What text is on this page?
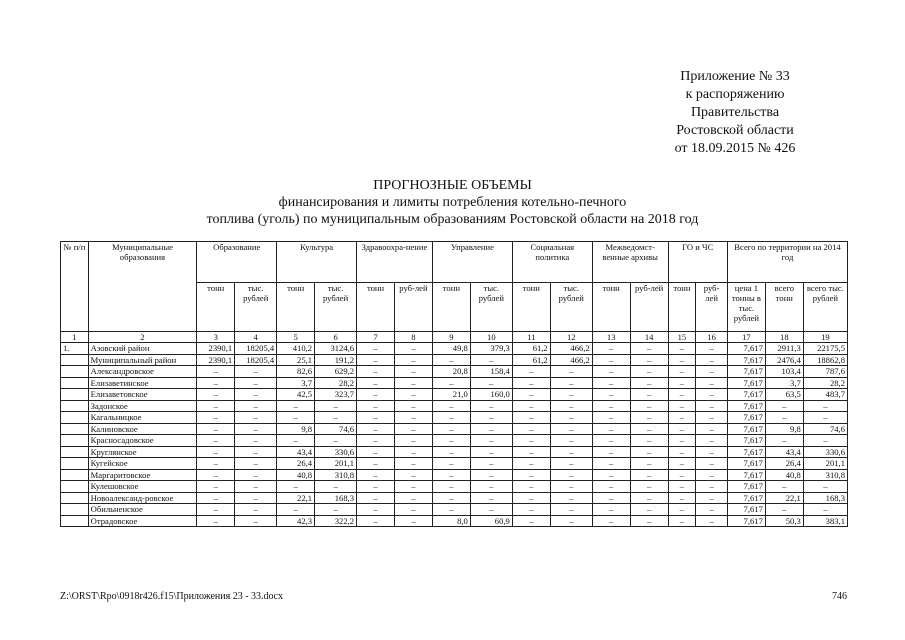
Приложение № 33
к распоряжению
Правительства
Ростовской области
от 18.09.2015 № 426
ПРОГНОЗНЫЕ ОБЪЕМЫ
финансирования и лимиты потребления котельно-печного
топлива (уголь) по муниципальным образованиям Ростовской области на 2018 год
№ п/п	Муниципальные образования	Образование		Культура		Здравоохра-нение		Управление		Социальная политика		Межведомст-венные архивы		ГО и ЧС		Всего по территории на 2014 год		
		тонн	тыс. рублей	тонн	тыс. рублей	тонн	руб-лей	тонн	тыс. рублей	тонн	тыс. рублей	тонн	руб-лей	тонн	руб-лей	цена 1 тонны в тыс. рублей	всего тонн	всего тыс. рублей
1	2	3	4	5	6	7	8	9	10	11	12	13	14	15	16	17	18	19
1.	Азовский район	2390,1	18205,4	410,2	3124,6	–	–	49,8	379,3	61,2	466,2	–	–	–	–	7,617	2911,3	22175,5
	Муниципальный район	2390,1	18205,4	25,1	191,2	–	–	–	–	61,2	466,2	–	–	–	–	7,617	2476,4	18862,8
	Александровское	–	–	82,6	629,2	–	–	20,8	158,4	–	–	–	–	–	–	7,617	103,4	787,6
	Елизаветинское	–	–	3,7	28,2	–	–	–	–	–	–	–	–	–	–	7,617	3,7	28,2
	Елизаветовское	–	–	42,5	323,7	–	–	21,0	160,0	–	–	–	–	–	–	7,617	63,5	483,7
	Задонское	–	–	–	–	–	–	–	–	–	–	–	–	–	–	7,617	–	–
	Кагальницкое	–	–	–	–	–	–	–	–	–	–	–	–	–	–	7,617	–	–
	Калиновское	–	–	9,8	74,6	–	–	–	–	–	–	–	–	–	–	7,617	9,8	74,6
	Красносадовское	–	–	–	–	–	–	–	–	–	–	–	–	–	–	7,617	–	–
	Круглянское	–	–	43,4	330,6	–	–	–	–	–	–	–	–	–	–	7,617	43,4	330,6
	Кугейское	–	–	26,4	201,1	–	–	–	–	–	–	–	–	–	–	7,617	26,4	201,1
	Маргаритовское	–	–	40,8	310,8	–	–	–	–	–	–	–	–	–	–	7,617	40,8	310,8
	Кулешовское	–	–	–	–	–	–	–	–	–	–	–	–	–	–	7,617	–	–
	Новоалександ-ровское	–	–	22,1	168,3	–	–	–	–	–	–	–	–	–	–	7,617	22,1	168,3
	Обильненское	–	–	–	–	–	–	–	–	–	–	–	–	–	–	7,617	–	–
	Отрадовское	–	–	42,3	322,2	–	–	8,0	60,9	–	–	–	–	–	–	7,617	50,3	383,1
Z:\ORST\Rpo\0918r426.f15\Приложения 23 - 33.docx	746
